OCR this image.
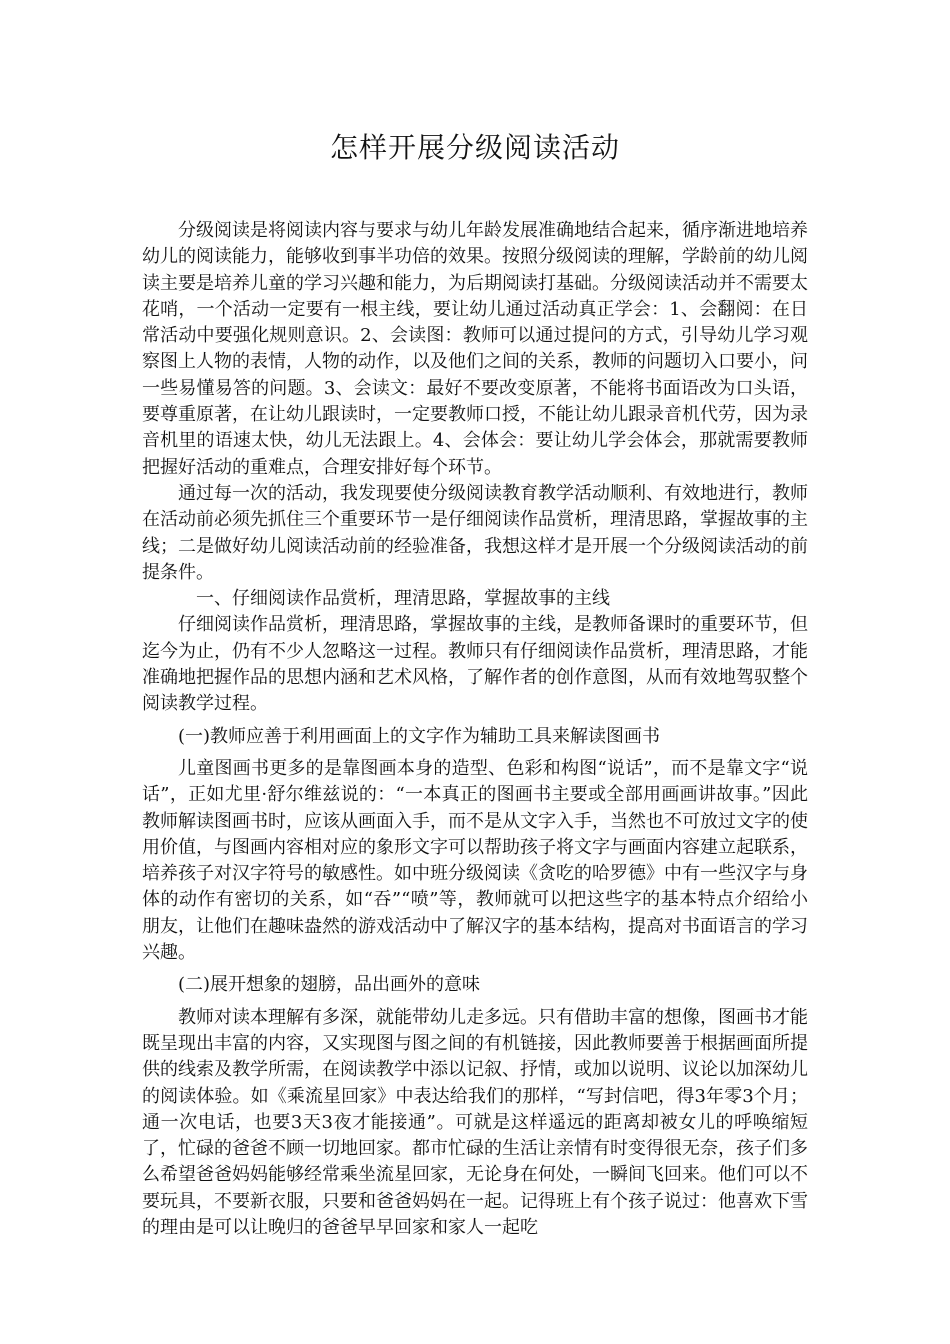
怎样开展分级阅读活动

分级阅读是将阅读内容与要求与幼儿年龄发展准确地结合起来，循序渐进地培养幼儿的阅读能力，能够收到事半功倍的效果。按照分级阅读的理解，学龄前的幼儿阅读主要是培养儿童的学习兴趣和能力，为后期阅读打基础。分级阅读活动并不需要太花哨，一个活动一定要有一根主线，要让幼儿通过活动真正学会：1、会翻阅：在日常活动中要强化规则意识。2、会读图：教师可以通过提问的方式，引导幼儿学习观察图上人物的表情，人物的动作，以及他们之间的关系，教师的问题切入口要小，问一些易懂易答的问题。3、会读文：最好不要改变原著，不能将书面语改为口头语，要尊重原著，在让幼儿跟读时，一定要教师口授，不能让幼儿跟录音机代劳，因为录音机里的语速太快，幼儿无法跟上。4、会体会：要让幼儿学会体会，那就需要教师把握好活动的重难点，合理安排好每个环节。

通过每一次的活动，我发现要使分级阅读教育教学活动顺利、有效地进行，教师在活动前必须先抓住三个重要环节一是仔细阅读作品赏析，理清思路，掌握故事的主线；二是做好幼儿阅读活动前的经验准备，我想这样才是开展一个分级阅读活动的前提条件。

一、仔细阅读作品赏析，理清思路，掌握故事的主线

仔细阅读作品赏析，理清思路，掌握故事的主线，是教师备课时的重要环节，但迄今为止，仍有不少人忽略这一过程。教师只有仔细阅读作品赏析，理清思路，才能准确地把握作品的思想内涵和艺术风格，了解作者的创作意图，从而有效地驾驭整个阅读教学过程。

(一)教师应善于利用画面上的文字作为辅助工具来解读图画书

儿童图画书更多的是靠图画本身的造型、色彩和构图“说话”，而不是靠文字“说话”，正如尤里·舒尔维兹说的：“一本真正的图画书主要或全部用画画讲故事。”因此教师解读图画书时，应该从画面入手，而不是从文字入手，当然也不可放过文字的使用价值，与图画内容相对应的象形文字可以帮助孩子将文字与画面内容建立起联系，培养孩子对汉字符号的敏感性。如中班分级阅读《贪吃的哈罗德》中有一些汉字与身体的动作有密切的关系，如“吞”“喷”等，教师就可以把这些字的基本特点介绍给小朋友，让他们在趣味盎然的游戏活动中了解汉字的基本结构，提高对书面语言的学习兴趣。

(二)展开想象的翅膀，品出画外的意味

教师对读本理解有多深，就能带幼儿走多远。只有借助丰富的想像，图画书才能既呈现出丰富的内容，又实现图与图之间的有机链接，因此教师要善于根据画面所提供的线索及教学所需，在阅读教学中添以记叙、抒情，或加以说明、议论以加深幼儿的阅读体验。如《乘流星回家》中表达给我们的那样，“写封信吧，得3年零3个月；通一次电话，也要3天3夜才能接通”。可就是这样遥远的距离却被女儿的呼唤缩短了，忙碌的爸爸不顾一切地回家。都市忙碌的生活让亲情有时变得很无奈，孩子们多么希望爸爸妈妈能够经常乘坐流星回家，无论身在何处，一瞬间飞回来。他们可以不要玩具，不要新衣服，只要和爸爸妈妈在一起。记得班上有个孩子说过：他喜欢下雪的理由是可以让晚归的爸爸早早回家和家人一起吃
